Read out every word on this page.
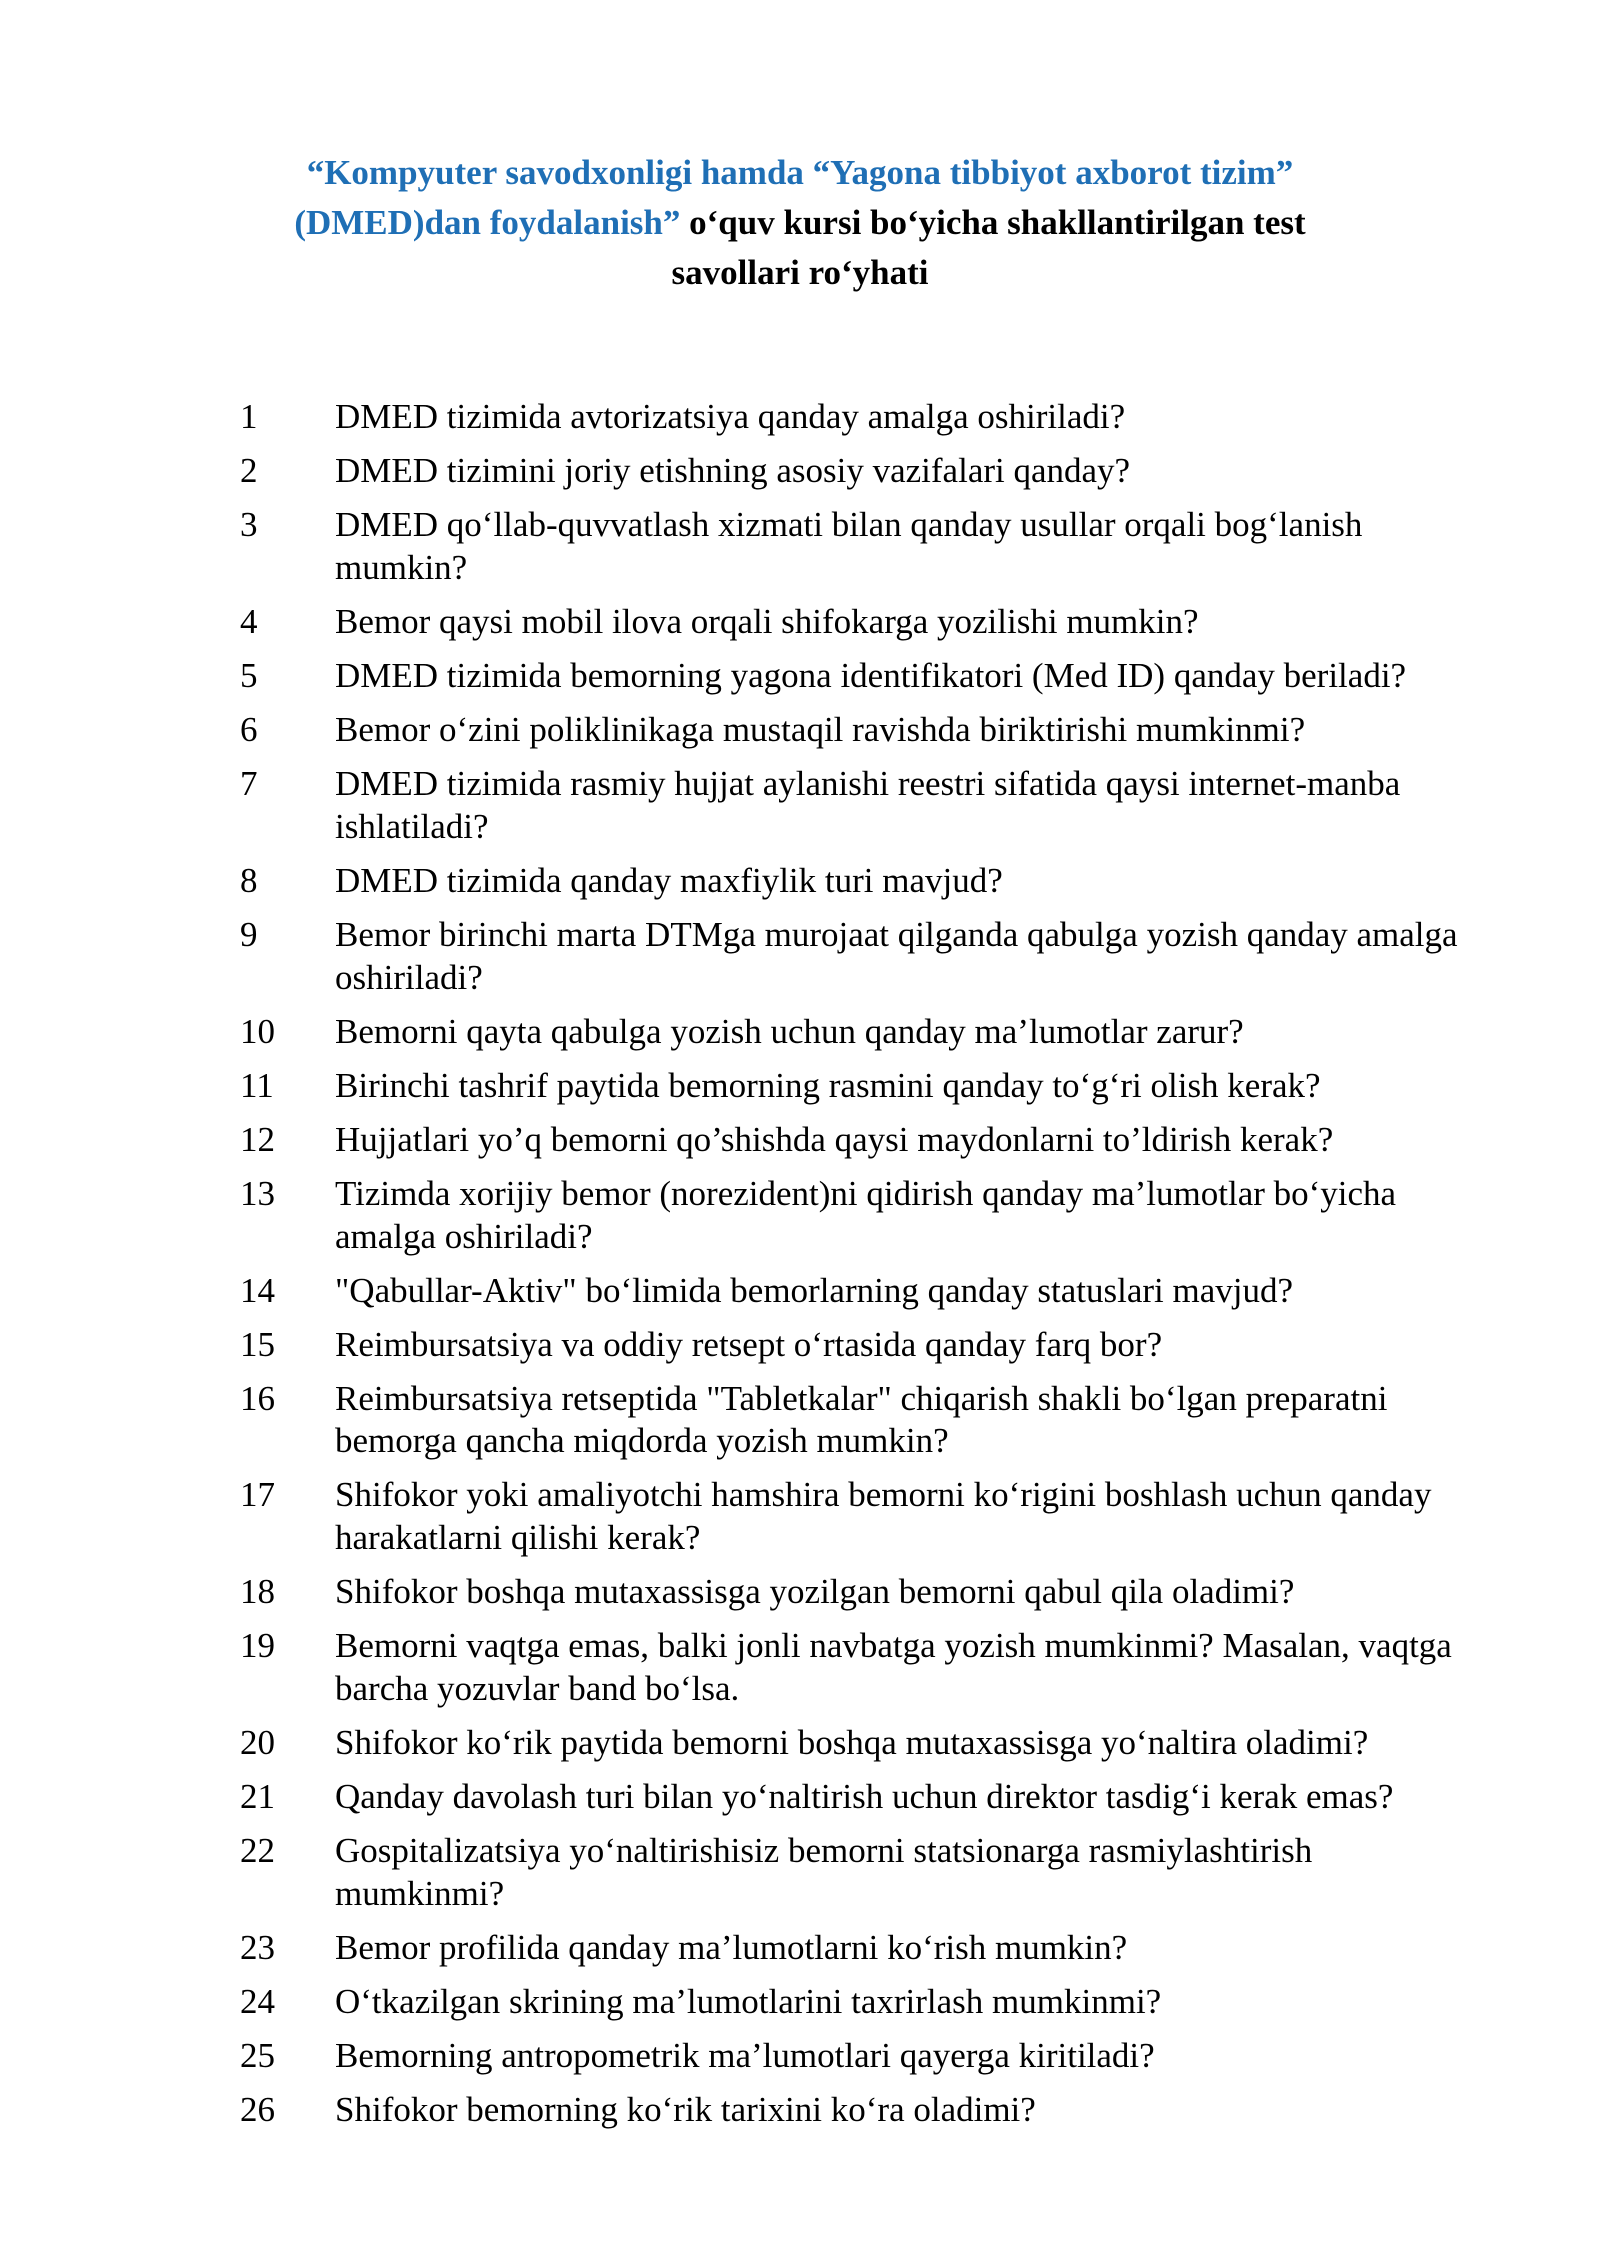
“Kompyuter savodxonligi hamda “Yagona tibbiyot axborot tizim” (DMED)dan foydalanish” o‘quv kursi bo‘yicha shakllantirilgan test savollari ro‘yhati
1	DMED tizimida avtorizatsiya qanday amalga oshiriladi?
2	DMED tizimini joriy etishning asosiy vazifalari qanday?
3	DMED qo‘llab-quvvatlash xizmati bilan qanday usullar orqali bog‘lanish mumkin?
4	Bemor qaysi mobil ilova orqali shifokarga yozilishi mumkin?
5	DMED tizimida bemorning yagona identifikatori (Med ID) qanday beriladi?
6	Bemor o‘zini poliklinikaga mustaqil ravishda biriktirishi mumkinmi?
7	DMED tizimida rasmiy hujjat aylanishi reestri sifatida qaysi internet-manba ishlatiladi?
8	DMED tizimida qanday maxfiylik turi mavjud?
9	Bemor birinchi marta DTMga murojaat qilganda qabulga yozish qanday amalga oshiriladi?
10	Bemorni qayta qabulga yozish uchun qanday ma’lumotlar zarur?
11	Birinchi tashrif paytida bemorning rasmini qanday to‘g‘ri olish kerak?
12	Hujjatlari yo’q bemorni qo’shishda qaysi maydonlarni to’ldirish kerak?
13	Tizimda xorijiy bemor (norezident)ni qidirish qanday ma’lumotlar bo‘yicha amalga oshiriladi?
14	"Qabullar-Aktiv" bo‘limida bemorlarning qanday statuslari mavjud?
15	Reimbursatsiya va oddiy retsept o‘rtasida qanday farq bor?
16	Reimbursatsiya retseptida "Tabletkalar" chiqarish shakli bo‘lgan preparatni bemorga qancha miqdorda yozish mumkin?
17	Shifokor yoki amaliyotchi hamshira bemorni ko‘rigini boshlash uchun qanday harakatlarni qilishi kerak?
18	Shifokor boshqa mutaxassisga yozilgan bemorni qabul qila oladimi?
19	Bemorni vaqtga emas, balki jonli navbatga yozish mumkinmi? Masalan, vaqtga barcha yozuvlar band bo‘lsa.
20	Shifokor ko‘rik paytida bemorni boshqa mutaxassisga yo‘naltira oladimi?
21	Qanday davolash turi bilan yo‘naltirish uchun direktor tasdig‘i kerak emas?
22	Gospitalizatsiya yo‘naltirishisiz bemorni statsionarga rasmiylashtirish mumkinmi?
23	Bemor profilida qanday ma’lumotlarni ko‘rish mumkin?
24	O‘tkazilgan skrining ma’lumotlarini taxrirlash mumkinmi?
25	Bemorning antropometrik ma’lumotlari qayerga kiritiladi?
26	Shifokor bemorning ko‘rik tarixini ko‘ra oladimi?
